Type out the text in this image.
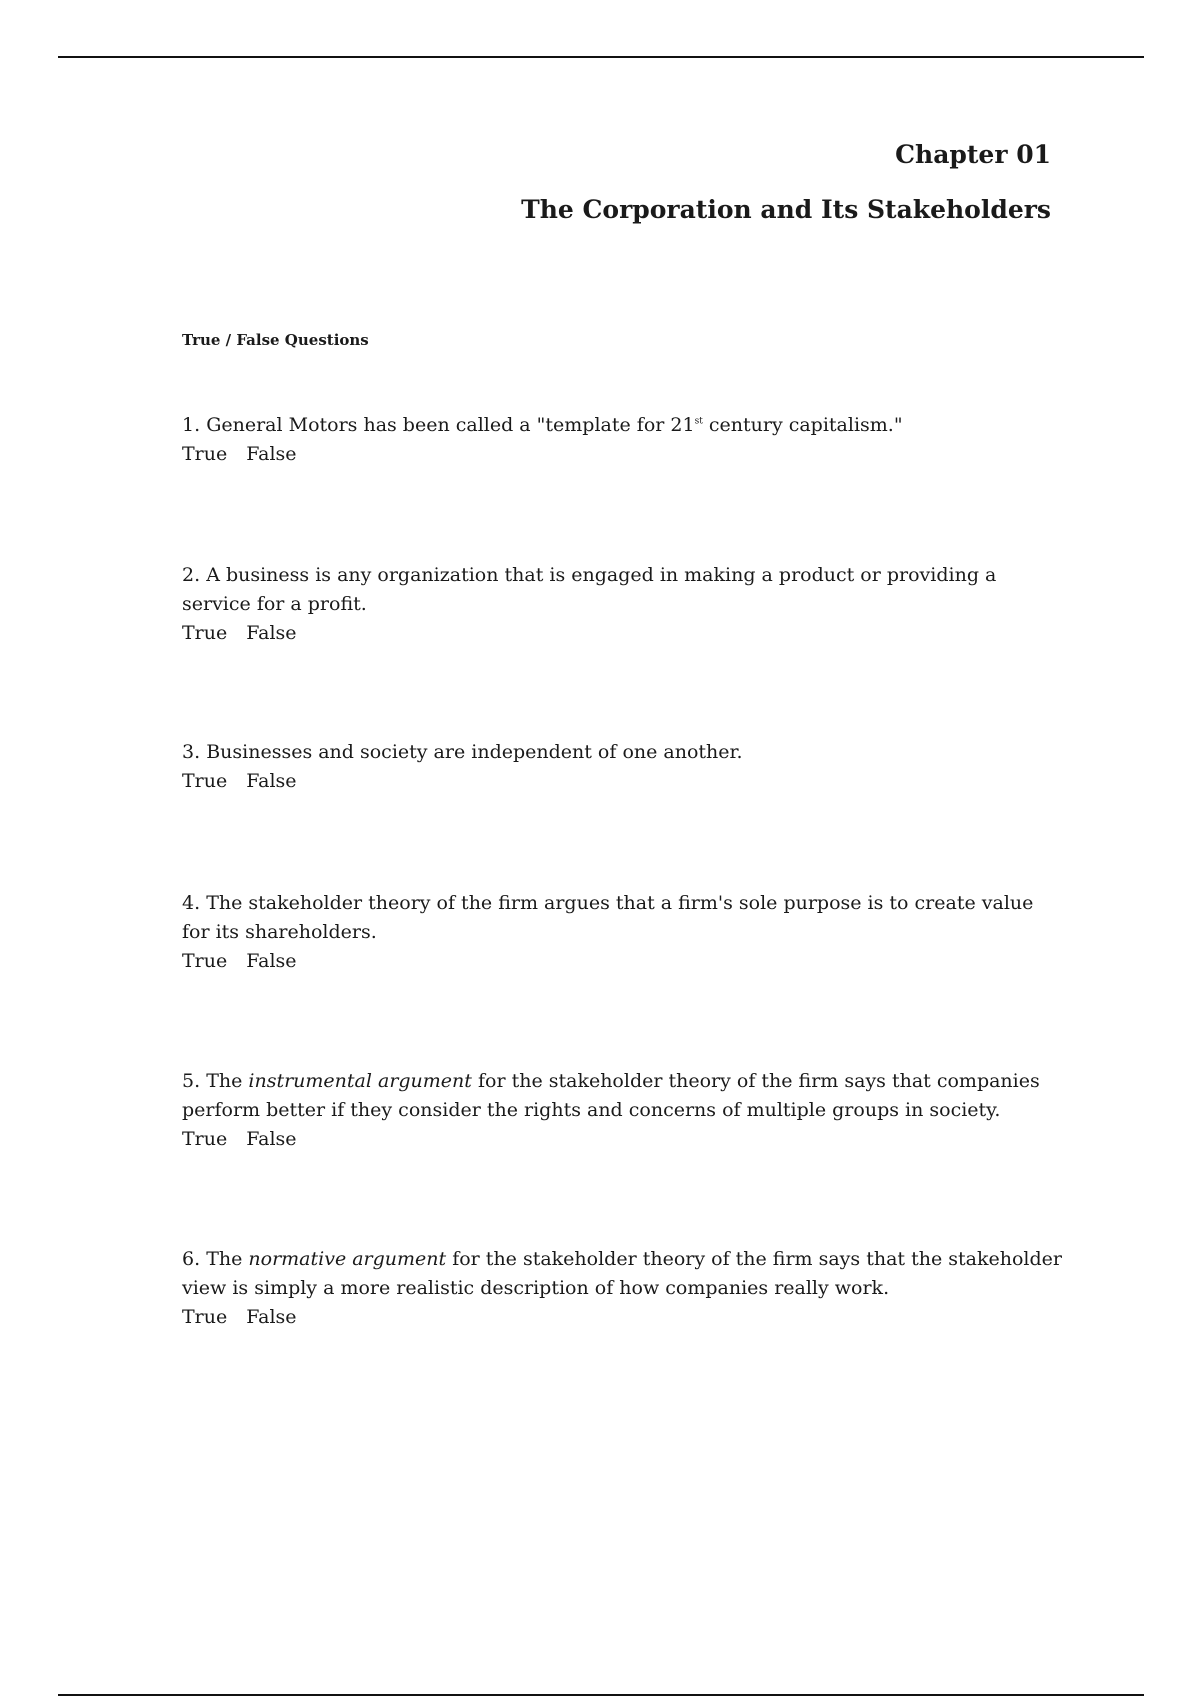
Chapter 01

The Corporation and Its Stakeholders

True / False Questions

1. General Motors has been called a "template for 21st century capitalism."

True False

2. A business is any organization that is engaged in making a product or providing a service for a profit.

True False

3. Businesses and society are independent of one another.

True False

4. The stakeholder theory of the firm argues that a firm's sole purpose is to create value for its shareholders.

True False

5. The instrumental argument for the stakeholder theory of the firm says that companies perform better if they consider the rights and concerns of multiple groups in society.

True False

6. The normative argument for the stakeholder theory of the firm says that the stakeholder view is simply a more realistic description of how companies really work.

True False
